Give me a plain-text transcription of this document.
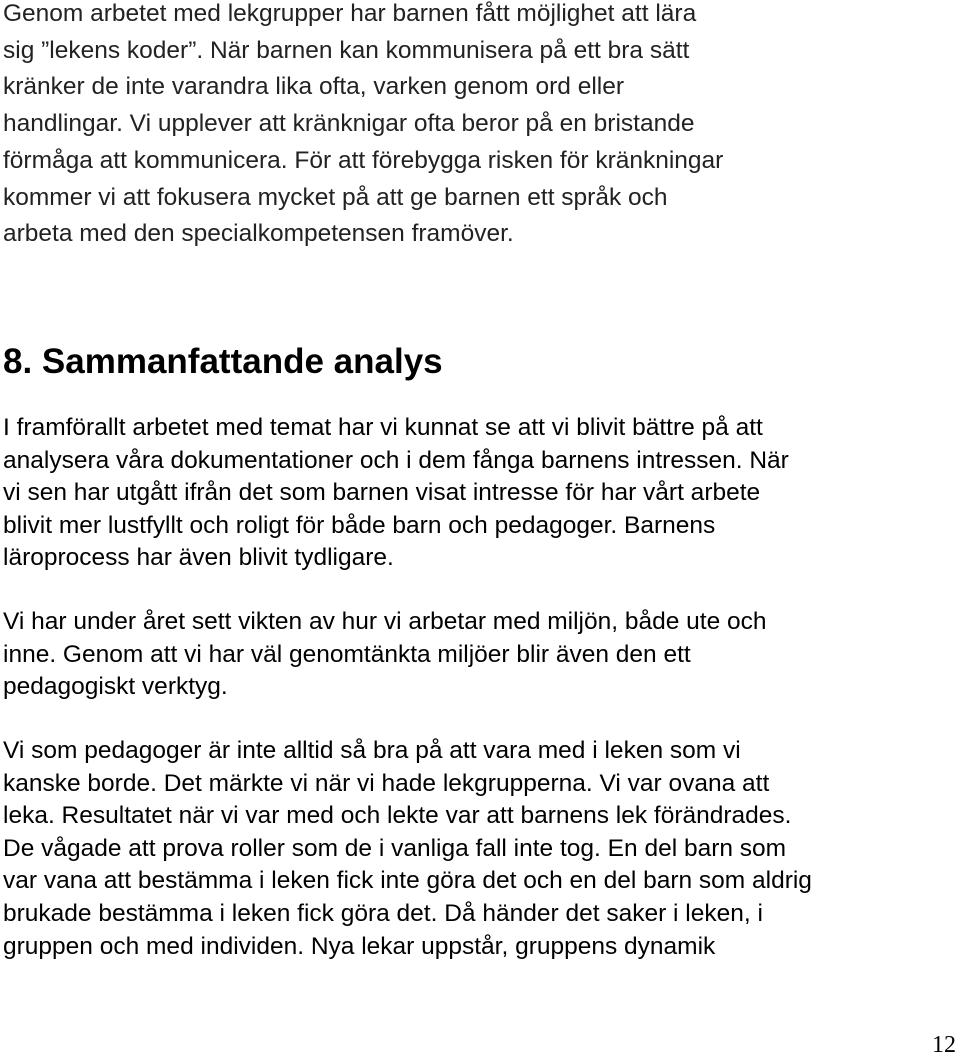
Genom arbetet med lekgrupper har barnen fått möjlighet att lära
sig ”lekens koder”. När barnen kan kommunisera på ett bra sätt
kränker de inte varandra lika ofta, varken genom ord eller
handlingar. Vi upplever att kränknigar ofta beror på en bristande
förmåga att kommunicera. För att förebygga risken för kränkningar
kommer vi att fokusera mycket på att ge barnen ett språk och
arbeta med den specialkompetensen framöver.

8. Sammanfattande analys

I framförallt arbetet med temat har vi kunnat se att vi blivit bättre på att
analysera våra dokumentationer och i dem fånga barnens intressen. När
vi sen har utgått ifrån det som barnen visat intresse för har vårt arbete
blivit mer lustfyllt och roligt för både barn och pedagoger. Barnens
läroprocess har även blivit tydligare.

Vi har under året sett vikten av hur vi arbetar med miljön, både ute och
inne. Genom att vi har väl genomtänkta miljöer blir även den ett
pedagogiskt verktyg.

Vi som pedagoger är inte alltid så bra på att vara med i leken som vi
kanske borde. Det märkte vi när vi hade lekgrupperna. Vi var ovana att
leka. Resultatet när vi var med och lekte var att barnens lek förändrades.
De vågade att prova roller som de i vanliga fall inte tog. En del barn som
var vana att bestämma i leken fick inte göra det och en del barn som aldrig
brukade bestämma i leken fick göra det. Då händer det saker i leken, i
gruppen och med individen. Nya lekar uppstår, gruppens dynamik

12
